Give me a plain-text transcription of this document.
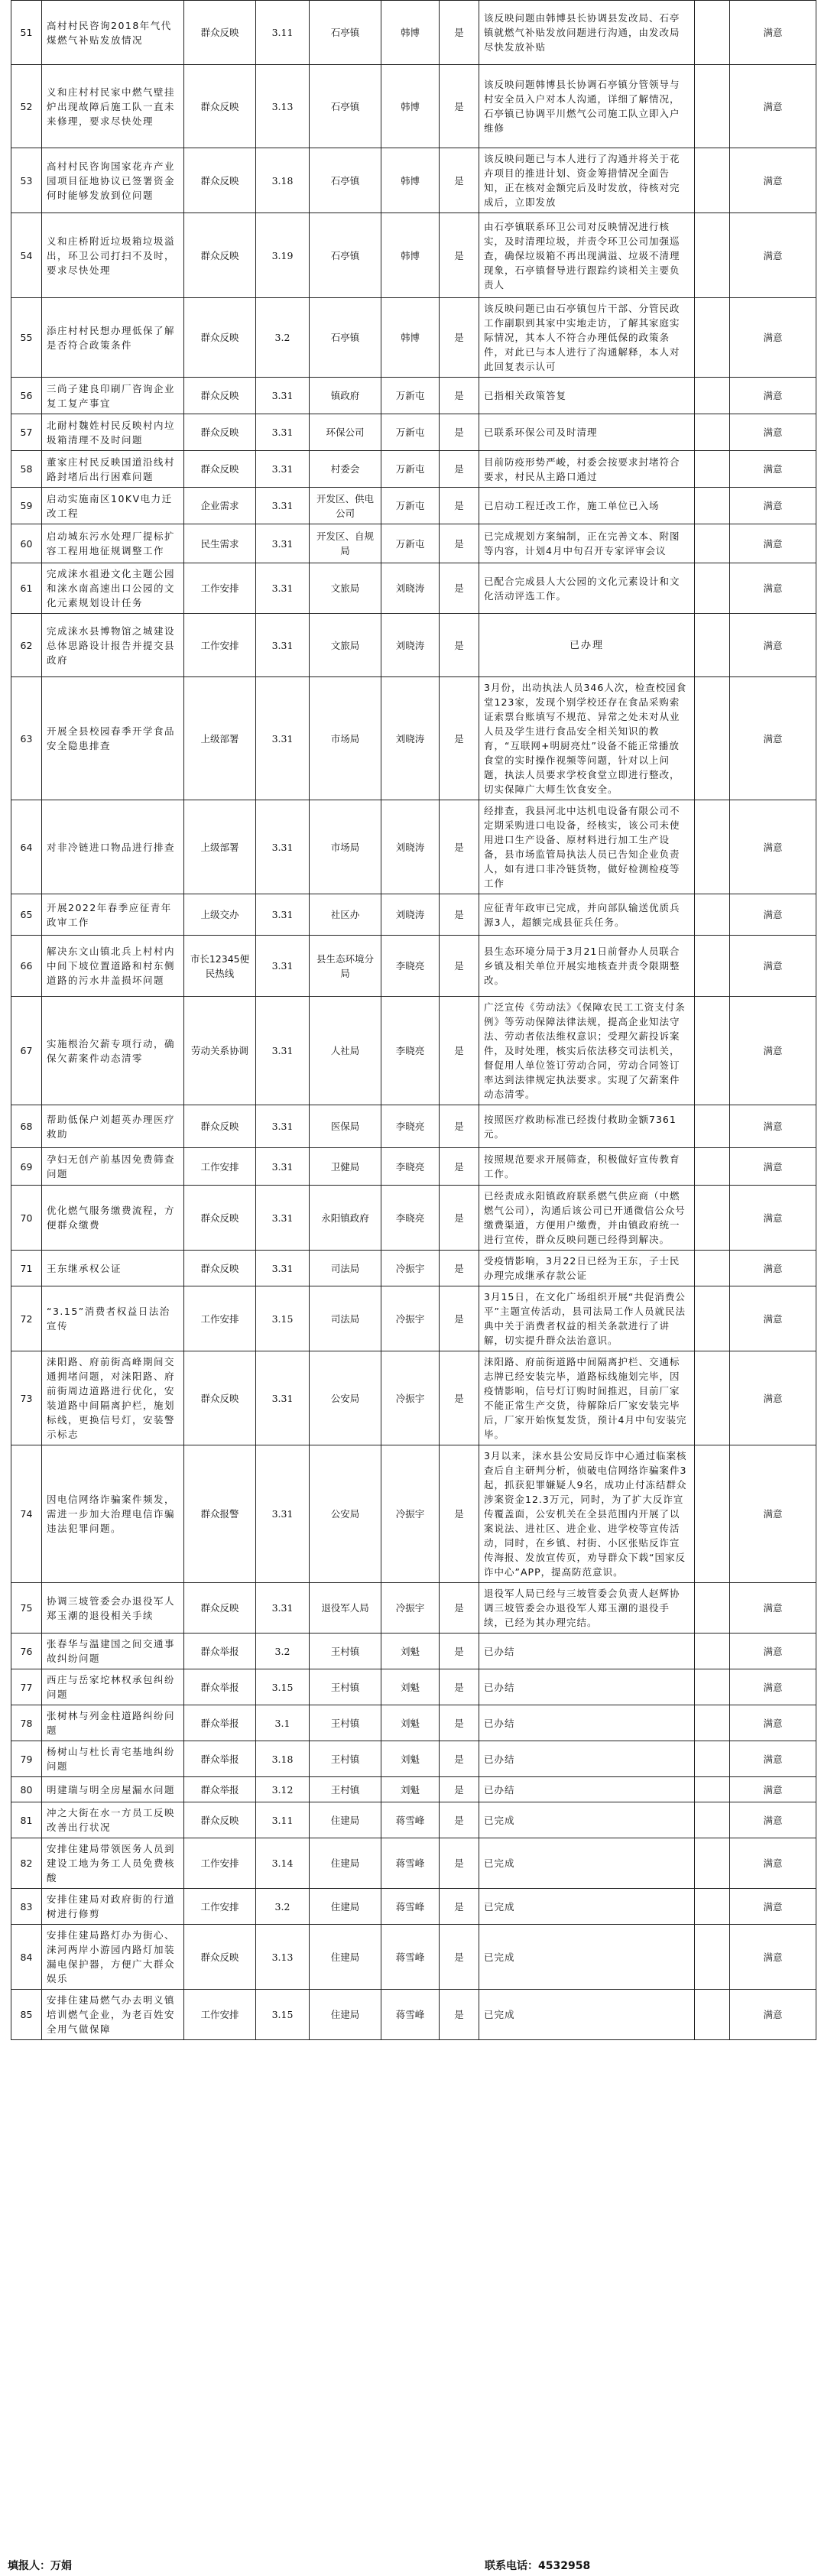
51	高村村民咨询2018年气代煤燃气补贴发放情况	群众反映	3.11	石亭镇	韩博	是	该反映问题由韩博县长协调县发改局、石亭镇就燃气补贴发放问题进行沟通，由发改局尽快发放补贴		满意
52	义和庄村村民家中燃气壁挂炉出现故障后施工队一直未来修理，要求尽快处理	群众反映	3.13	石亭镇	韩博	是	该反映问题韩博县长协调石亭镇分管领导与村安全员入户对本人沟通，详细了解情况，石亭镇已协调平川燃气公司施工队立即入户维修		满意
53	高村村民咨询国家花卉产业园项目征地协议已签署资金何时能够发放到位问题	群众反映	3.18	石亭镇	韩博	是	该反映问题已与本人进行了沟通并将关于花卉项目的推进计划、资金筹措情况全面告知，正在核对金额完后及时发放，待核对完成后，立即发放		满意
54	义和庄桥附近垃圾箱垃圾溢出，环卫公司打扫不及时，要求尽快处理	群众反映	3.19	石亭镇	韩博	是	由石亭镇联系环卫公司对反映情况进行核实，及时清理垃圾，并责令环卫公司加强巡查，确保垃圾箱不再出现满溢、垃圾不清理现象，石亭镇督导进行跟踪约谈相关主要负责人		满意
55	添庄村村民想办理低保了解是否符合政策条件	群众反映	3.2	石亭镇	韩博	是	该反映问题已由石亭镇包片干部、分管民政工作副职到其家中实地走访，了解其家庭实际情况，其本人不符合办理低保的政策条件，对此已与本人进行了沟通解释，本人对此回复表示认可		满意
56	三尚子建良印刷厂咨询企业复工复产事宜	群众反映	3.31	镇政府	万新屯	是	已指相关政策答复		满意
57	北耐村魏姓村民反映村内垃圾箱清理不及时问题	群众反映	3.31	环保公司	万新屯	是	已联系环保公司及时清理		满意
58	董家庄村民反映国道沿线村路封堵后出行困难问题	群众反映	3.31	村委会	万新屯	是	目前防疫形势严峻，村委会按要求封堵符合要求，村民从主路口通过		满意
59	启动实施南区10KV电力迁改工程	企业需求	3.31	开发区、供电公司	万新屯	是	已启动工程迁改工作，施工单位已入场		满意
60	启动城东污水处理厂提标扩容工程用地征规调整工作	民生需求	3.31	开发区、自规局	万新屯	是	已完成规划方案编制，正在完善文本、附图等内容，计划4月中旬召开专家评审会议		满意
61	完成涞水祖逊文化主题公园和涞水南高速出口公园的文化元素规划设计任务	工作安排	3.31	文旅局	刘晓涛	是	已配合完成县人大公园的文化元素设计和文化活动评选工作。		满意
62	完成涞水县博物馆之城建设总体思路设计报告并提交县政府	工作安排	3.31	文旅局	刘晓涛	是	已办理		满意
63	开展全县校园春季开学食品安全隐患排查	上级部署	3.31	市场局	刘晓涛	是	3月份，出动执法人员346人次，检查校园食堂123家，发现个别学校还存在食品采购索证索票台账填写不规范、异常之处未对从业人员及学生进行食品安全相关知识的教育，“互联网+明厨亮灶”设备不能正常播放食堂的实时操作视频等问题，针对以上问题，执法人员要求学校食堂立即进行整改，切实保障广大师生饮食安全。		满意
64	对非冷链进口物品进行排查	上级部署	3.31	市场局	刘晓涛	是	经排查，我县河北中达机电设备有限公司不定期采购进口电设备，经核实，该公司未使用进口生产设备、原材料进行加工生产设备，县市场监管局执法人员已告知企业负责人，如有进口非冷链货物，做好检测检疫等工作		满意
65	开展2022年春季应征青年政审工作	上级交办	3.31	社区办	刘晓涛	是	应征青年政审已完成，并向部队输送优质兵源3人，超额完成县征兵任务。		满意
66	解决东文山镇北兵上村村内中间下坡位置道路和村东侧道路的污水井盖损坏问题	市长12345便民热线	3.31	县生态环境分局	李晓亮	是	县生态环境分局于3月21日前督办人员联合乡镇及相关单位开展实地核查并责令限期整改。		满意
67	实施根治欠薪专项行动，确保欠薪案件动态清零	劳动关系协调	3.31	人社局	李晓亮	是	广泛宣传《劳动法》《保障农民工工资支付条例》等劳动保障法律法规，提高企业知法守法、劳动者依法维权意识；受理欠薪投诉案件，及时处理，核实后依法移交司法机关，督促用人单位签订劳动合同，劳动合同签订率达到法律规定执法要求。实现了欠薪案件动态清零。		满意
68	帮助低保户刘超英办理医疗救助	群众反映	3.31	医保局	李晓亮	是	按照医疗救助标准已经拨付救助金额7361元。		满意
69	孕妇无创产前基因免费筛查问题	工作安排	3.31	卫健局	李晓亮	是	按照规范要求开展筛查，积极做好宣传教育工作。		满意
70	优化燃气服务缴费流程，方便群众缴费	群众反映	3.31	永阳镇政府	李晓亮	是	已经责成永阳镇政府联系燃气供应商（中燃燃气公司），沟通后该公司已开通微信公众号缴费渠道，方便用户缴费，并由镇政府统一进行宣传，群众反映问题已经得到解决。		满意
71	王东继承权公证	群众反映	3.31	司法局	冷振宇	是	受疫情影响，3月22日已经为王东，子士民办理完成继承存款公证		满意
72	“3.15”消费者权益日法治宣传	工作安排	3.15	司法局	冷振宇	是	3月15日，在文化广场组织开展“共促消费公平”主题宣传活动，县司法局工作人员就民法典中关于消费者权益的相关条款进行了讲解，切实提升群众法治意识。		满意
73	涞阳路、府前街高峰期间交通拥堵问题，对涞阳路、府前街周边道路进行优化，安装道路中间隔离护栏，施划标线，更换信号灯，安装警示标志	群众反映	3.31	公安局	冷振宇	是	涞阳路、府前街道路中间隔离护栏、交通标志牌已经安装完毕，道路标线施划完毕，因疫情影响，信号灯订购时间推迟，目前厂家不能正常生产交货，待解除后厂家安装完毕后，厂家开始恢复发货，预计4月中旬安装完毕。		满意
74	因电信网络诈骗案件频发，需进一步加大治理电信诈骗违法犯罪问题。	群众报警	3.31	公安局	冷振宇	是	3月以来，涞水县公安局反诈中心通过临案核查后自主研判分析，侦破电信网络诈骗案件3起，抓获犯罪嫌疑人9名，成功止付冻结群众涉案资金12.3万元，同时，为了扩大反诈宣传覆盖面，公安机关在全县范围内开展了以案说法、进社区、进企业、进学校等宣传活动，同时，在乡镇、村街、小区张贴反诈宣传海报、发放宣传页，劝导群众下载“国家反诈中心”APP，提高防范意识。		满意
75	协调三坡管委会办退役军人郑玉潮的退役相关手续	群众反映	3.31	退役军人局	冷振宇	是	退役军人局已经与三坡管委会负责人赵辉协调三坡管委会办退役军人郑玉潮的退役手续，已经为其办理完结。		满意
76	张春华与温建国之间交通事故纠纷问题	群众举报	3.2	王村镇	刘魁	是	已办结		满意
77	西庄与岳家坨林权承包纠纷问题	群众举报	3.15	王村镇	刘魁	是	已办结		满意
78	张树林与列金柱道路纠纷问题	群众举报	3.1	王村镇	刘魁	是	已办结		满意
79	杨树山与杜长青宅基地纠纷问题	群众举报	3.18	王村镇	刘魁	是	已办结		满意
80	明建瑞与明全房屋漏水问题	群众举报	3.12	王村镇	刘魁	是	已办结		满意
81	冲之大街在水一方员工反映改善出行状况	群众反映	3.11	住建局	蒋雪峰	是	已完成		满意
82	安排住建局带领医务人员到建设工地为务工人员免费核酸	工作安排	3.14	住建局	蒋雪峰	是	已完成		满意
83	安排住建局对政府街的行道树进行修剪	工作安排	3.2	住建局	蒋雪峰	是	已完成		满意
84	安排住建局路灯办为街心、涞河两岸小游园内路灯加装漏电保护器，方便广大群众娱乐	群众反映	3.13	住建局	蒋雪峰	是	已完成		满意
85	安排住建局燃气办去明义镇培训燃气企业，为老百姓安全用气做保障	工作安排	3.15	住建局	蒋雪峰	是	已完成		满意
填报人：万娟	联系电话：4532958
